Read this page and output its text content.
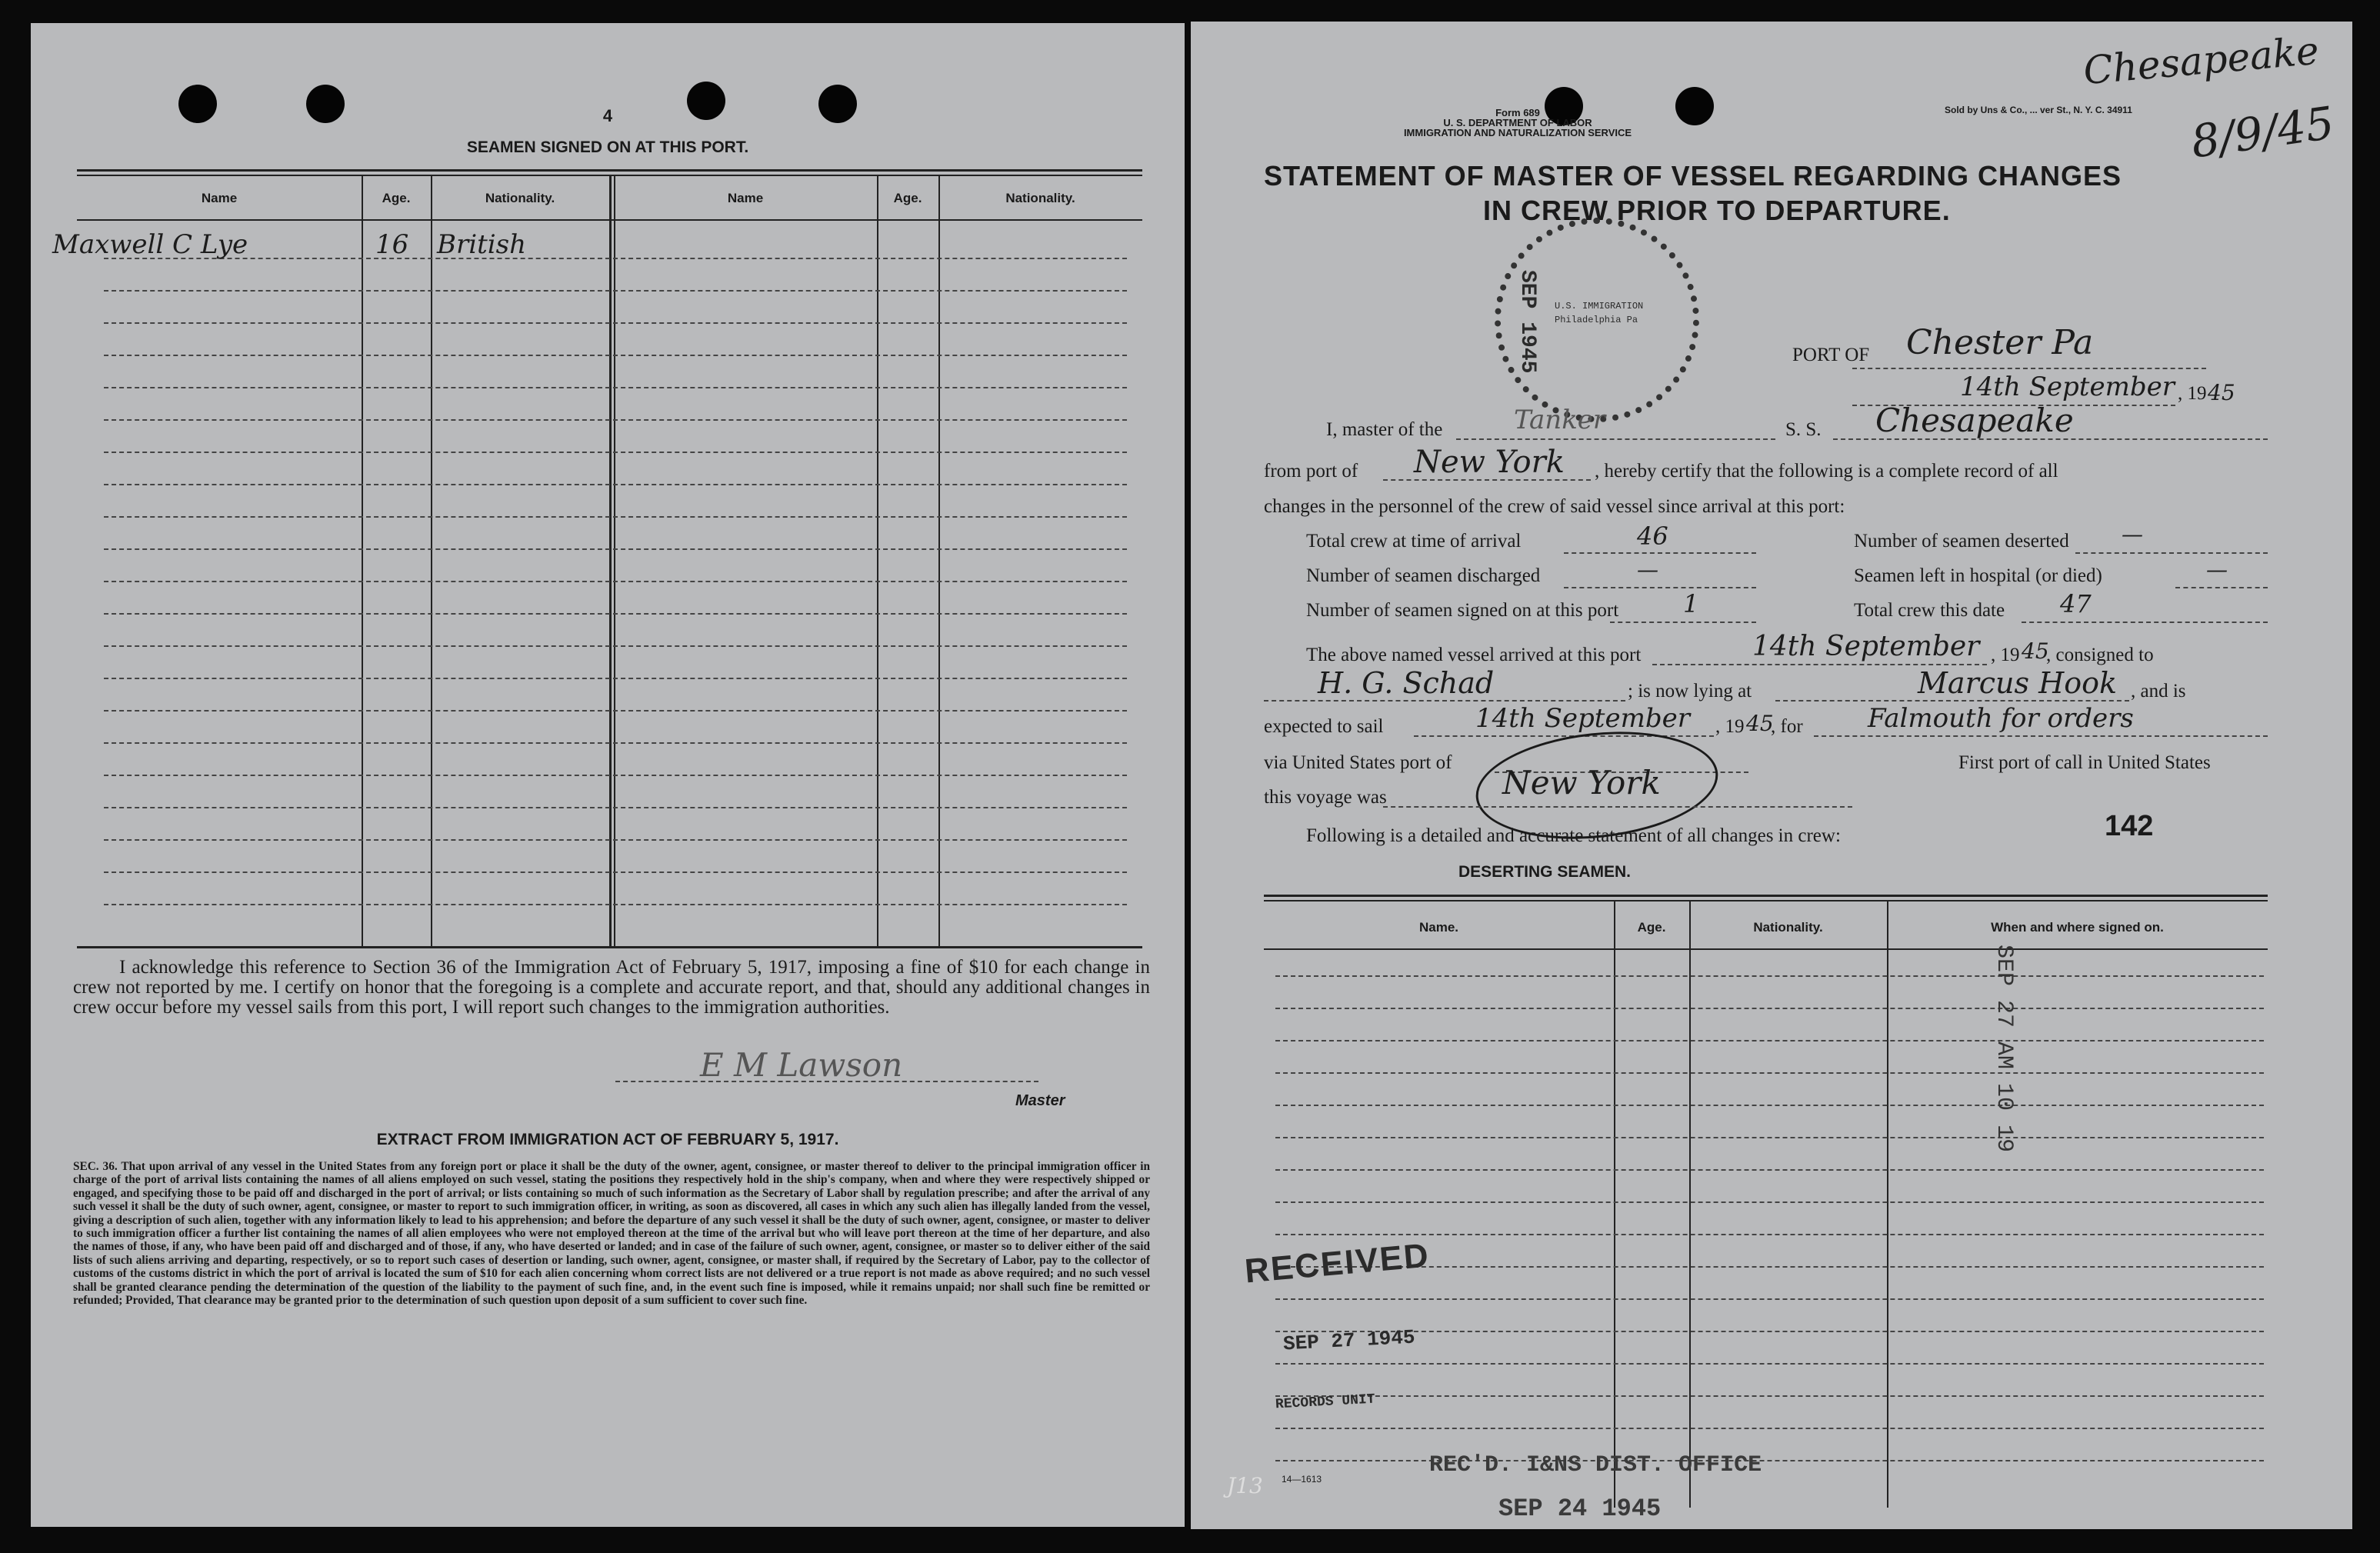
4
SEAMEN SIGNED ON AT THIS PORT.
Name	Age.	Nationality.	Name	Age.	Nationality.
Maxwell C Lye	16 British
I acknowledge this reference to Section 36 of the Immigration Act of February 5, 1917, imposing a fine of $10 for each change in crew not reported by me. I certify on honor that the foregoing is a complete and accurate report, and that, should any additional changes in crew occur before my vessel sails from this port, I will report such changes to the immigration authorities.
E M Lawson
Master
EXTRACT FROM IMMIGRATION ACT OF FEBRUARY 5, 1917.
SEC. 36. That upon arrival of any vessel in the United States from any foreign port or place it shall be the duty of the owner, agent, consignee, or master thereof to deliver to the principal immigration officer in charge of the port of arrival lists containing the names of all aliens employed on such vessel, stating the positions they respectively hold in the ship's company, when and where they were respectively shipped or engaged, and specifying those to be paid off and discharged in the port of arrival; or lists containing so much of such information as the Secretary of Labor shall by regulation prescribe; and after the arrival of any such vessel it shall be the duty of such owner, agent, consignee, or master to report to such immigration officer, in writing, as soon as discovered, all cases in which any such alien has illegally landed from the vessel, giving a description of such alien, together with any information likely to lead to his apprehension; and before the departure of any such vessel it shall be the duty of such owner, agent, consignee, or master to deliver to such immigration officer a further list containing the names of all alien employees who were not employed thereon at the time of the arrival but who will leave port thereon at the time of her departure, and also the names of those, if any, who have been paid off and discharged and of those, if any, who have deserted or landed; and in case of the failure of such owner, agent, consignee, or master so to deliver either of the said lists of such aliens arriving and departing, respectively, or so to report such cases of desertion or landing, such owner, agent, consignee, or master shall, if required by the Secretary of Labor, pay to the collector of customs of the customs district in which the port of arrival is located the sum of $10 for each alien concerning whom correct lists are not delivered or a true report is not made as above required; and no such vessel shall be granted clearance pending the determination of the question of the liability to the payment of such fine, and, in the event such fine is imposed, while it remains unpaid; nor shall such fine be remitted or refunded; Provided, That clearance may be granted prior to the determination of such question upon deposit of a sum sufficient to cover such fine.
Form 689
U. S. DEPARTMENT OF LABOR
IMMIGRATION AND NATURALIZATION SERVICE
Sold by Uns & Co., ... ver St., N. Y. C. 34911
Chesapeake
8/9/45
STATEMENT OF MASTER OF VESSEL REGARDING CHANGES
IN CREW PRIOR TO DEPARTURE.
SEP 1945 U.S. IMMIGRATION
Philadelphia Pa
PORT OF Chester Pa
14th September , 19 45
I, master of the	Tanker	S. S. Chesapeake
from port of New York , hereby certify that the following is a complete record of all
changes in the personnel of the crew of said vessel since arrival at this port:
Total crew at time of arrival	46	Number of seamen deserted —
Number of seamen discharged	—	Seamen left in hospital (or died)	—
Number of seamen signed on at this port	1	Total crew this date 47
The above named vessel arrived at this port	14th September , 19 45
, consigned to
H. G. Schad	; is now lying at	Marcus Hook , and is
expected to sail	14th September , 19 45
, for Falmouth for orders
via United States port of	First port of call in United States
this voyage was	New York
Following is a detailed and accurate statement of all changes in crew:	142
DESERTING SEAMEN.
Name.	Age.	Nationality.	When and where signed on.
SEP 27 AM 10 19
RECEIVED
SEP 27 1945
RECORDS UNIT
14—1613
REC'D. I&NS DIST. OFFICE
SEP 24 1945
J13
